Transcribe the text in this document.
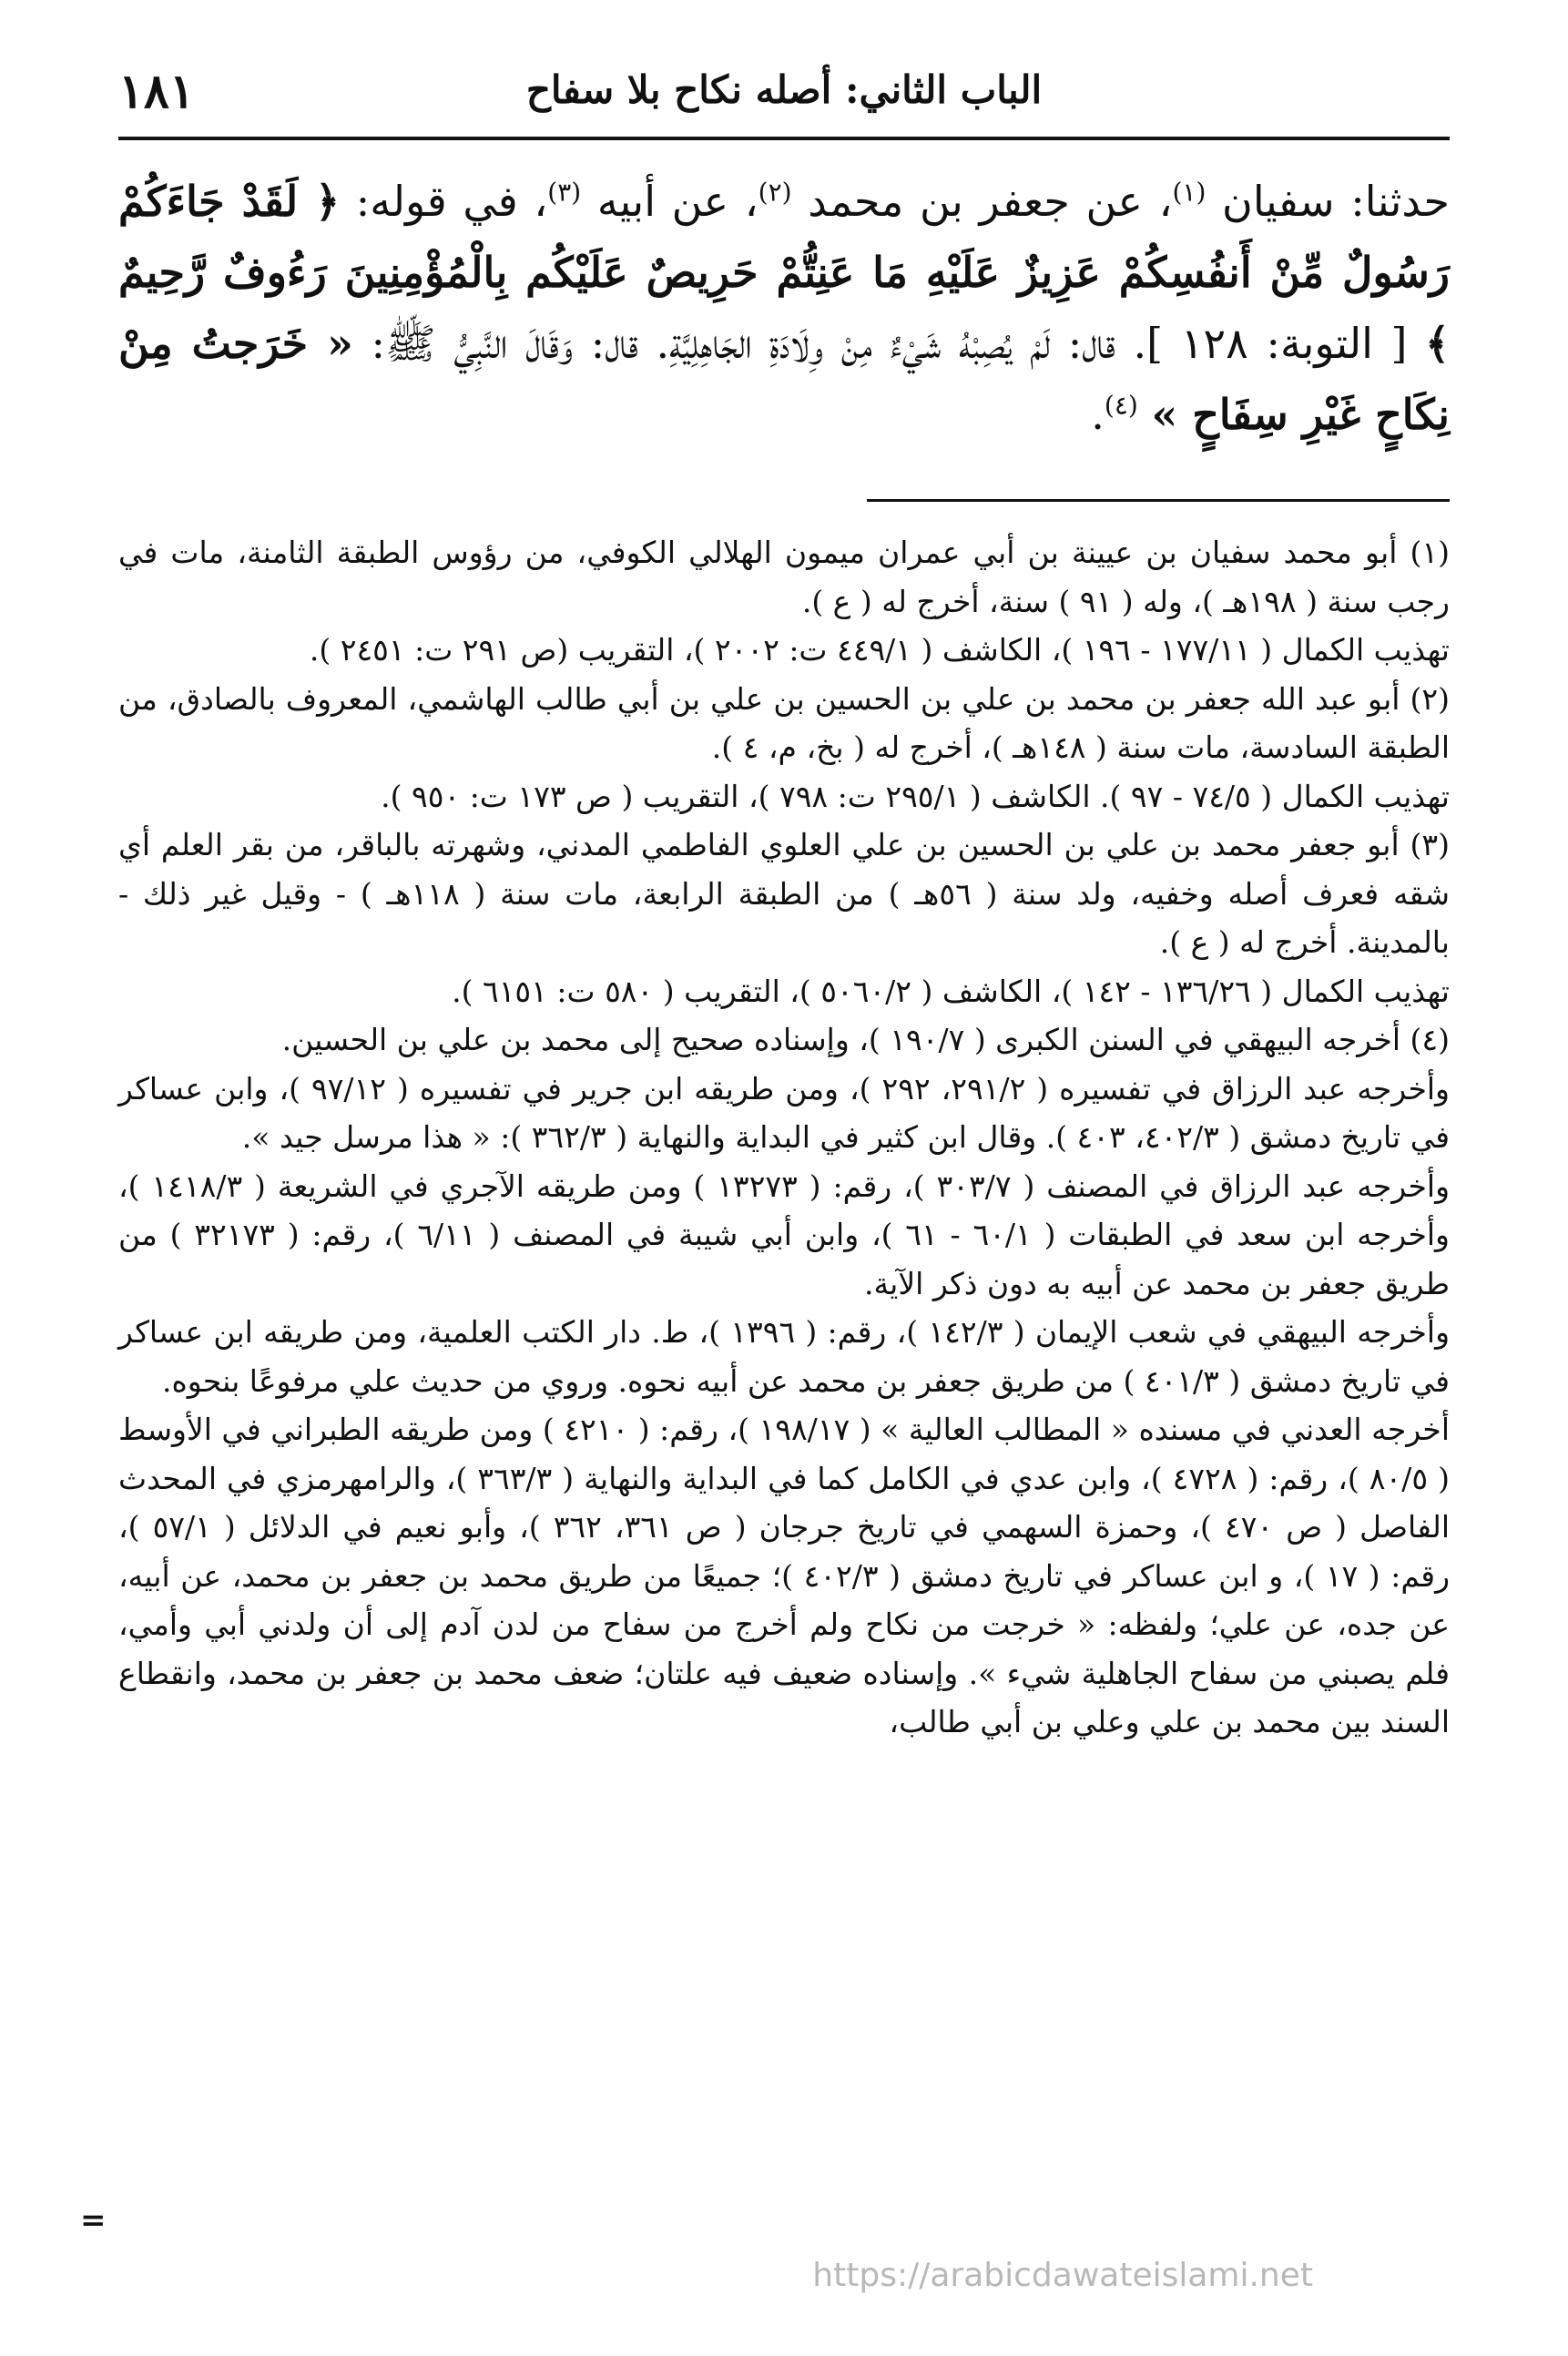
١٨١	الباب الثاني: أصله نكاح بلا سفاح

حدثنا: سفيان $^{(١)}$، عن جعفر بن محمد $^{(٢)}$، عن أبيه $^{(٣)}$، في قوله: ﴿ لَقَدْ جَاءَكُمْ رَسُولٌ مِّنْ أَنفُسِكُمْ عَزِيزٌ عَلَيْهِ مَا عَنِتُّمْ حَرِيصٌ عَلَيْكُم بِالْمُؤْمِنِينَ رَءُوفٌ رَّحِيمٌ ﴾ [ التوبة: ١٢٨ ]. قال: لَمْ يُصِبْهُ شَيْءٌ مِنْ وِلَادَةِ الجَاهِلِيَّةِ. قال: وَقَالَ النَّبِيُّ ﷺ: « خَرَجتُ مِنْ نِكَاحٍ غَيْرِ سِفَاحٍ » $^{(٤)}$.

(١) أبو محمد سفيان بن عيينة بن أبي عمران ميمون الهلالي الكوفي، من رؤوس الطبقة الثامنة، مات في رجب سنة ( ١٩٨هـ )، وله ( ٩١ ) سنة، أخرج له ( ع ).

تهذيب الكمال ( ١٧٧/١١ - ١٩٦ )، الكاشف ( ٤٤٩/١ ت: ٢٠٠٢ )، التقريب (ص ٢٩١ ت: ٢٤٥١ ).

(٢) أبو عبد الله جعفر بن محمد بن علي بن الحسين بن علي بن أبي طالب الهاشمي، المعروف بالصادق، من الطبقة السادسة، مات سنة ( ١٤٨هـ )، أخرج له ( بخ، م، ٤ ).

تهذيب الكمال ( ٧٤/٥ - ٩٧ ). الكاشف ( ٢٩٥/١ ت: ٧٩٨ )، التقريب ( ص ١٧٣ ت: ٩٥٠ ).

(٣) أبو جعفر محمد بن علي بن الحسين بن علي العلوي الفاطمي المدني، وشهرته بالباقر، من بقر العلم أي شقه فعرف أصله وخفيه، ولد سنة ( ٥٦هـ ) من الطبقة الرابعة، مات سنة ( ١١٨هـ ) - وقيل غير ذلك - بالمدينة. أخرج له ( ع ).

تهذيب الكمال ( ١٣٦/٢٦ - ١٤٢ )، الكاشف ( ٥٠٦٠/٢ )، التقريب ( ٥٨٠ ت: ٦١٥١ ).

(٤) أخرجه البيهقي في السنن الكبرى ( ١٩٠/٧ )، وإسناده صحيح إلى محمد بن علي بن الحسين.

وأخرجه عبد الرزاق في تفسيره ( ٢٩١/٢، ٢٩٢ )، ومن طريقه ابن جرير في تفسيره ( ٩٧/١٢ )، وابن عساكر في تاريخ دمشق ( ٤٠٢/٣، ٤٠٣ ). وقال ابن كثير في البداية والنهاية ( ٣٦٢/٣ ): « هذا مرسل جيد ».

وأخرجه عبد الرزاق في المصنف ( ٣٠٣/٧ )، رقم: ( ١٣٢٧٣ ) ومن طريقه الآجري في الشريعة ( ١٤١٨/٣ )، وأخرجه ابن سعد في الطبقات ( ٦٠/١ - ٦١ )، وابن أبي شيبة في المصنف ( ٦/١١ )، رقم: ( ٣٢١٧٣ ) من طريق جعفر بن محمد عن أبيه به دون ذكر الآية.

وأخرجه البيهقي في شعب الإيمان ( ١٤٢/٣ )، رقم: ( ١٣٩٦ )، ط. دار الكتب العلمية، ومن طريقه ابن عساكر في تاريخ دمشق ( ٤٠١/٣ ) من طريق جعفر بن محمد عن أبيه نحوه. وروي من حديث علي مرفوعًا بنحوه.

أخرجه العدني في مسنده « المطالب العالية » ( ١٩٨/١٧ )، رقم: ( ٤٢١٠ ) ومن طريقه الطبراني في الأوسط ( ٨٠/٥ )، رقم: ( ٤٧٢٨ )، وابن عدي في الكامل كما في البداية والنهاية ( ٣٦٣/٣ )، والرامهرمزي في المحدث الفاصل ( ص ٤٧٠ )، وحمزة السهمي في تاريخ جرجان ( ص ٣٦١، ٣٦٢ )، وأبو نعيم في الدلائل ( ٥٧/١ )، رقم: ( ١٧ )، و ابن عساكر في تاريخ دمشق ( ٤٠٢/٣ )؛ جميعًا من طريق محمد بن جعفر بن محمد، عن أبيه، عن جده، عن علي؛ ولفظه: « خرجت من نكاح ولم أخرج من سفاح من لدن آدم إلى أن ولدني أبي وأمي، فلم يصبني من سفاح الجاهلية شيء ». وإسناده ضعيف فيه علتان؛ ضعف محمد بن جعفر بن محمد، وانقطاع السند بين محمد بن علي وعلي بن أبي طالب،

=
https://arabicdawateislami.net
